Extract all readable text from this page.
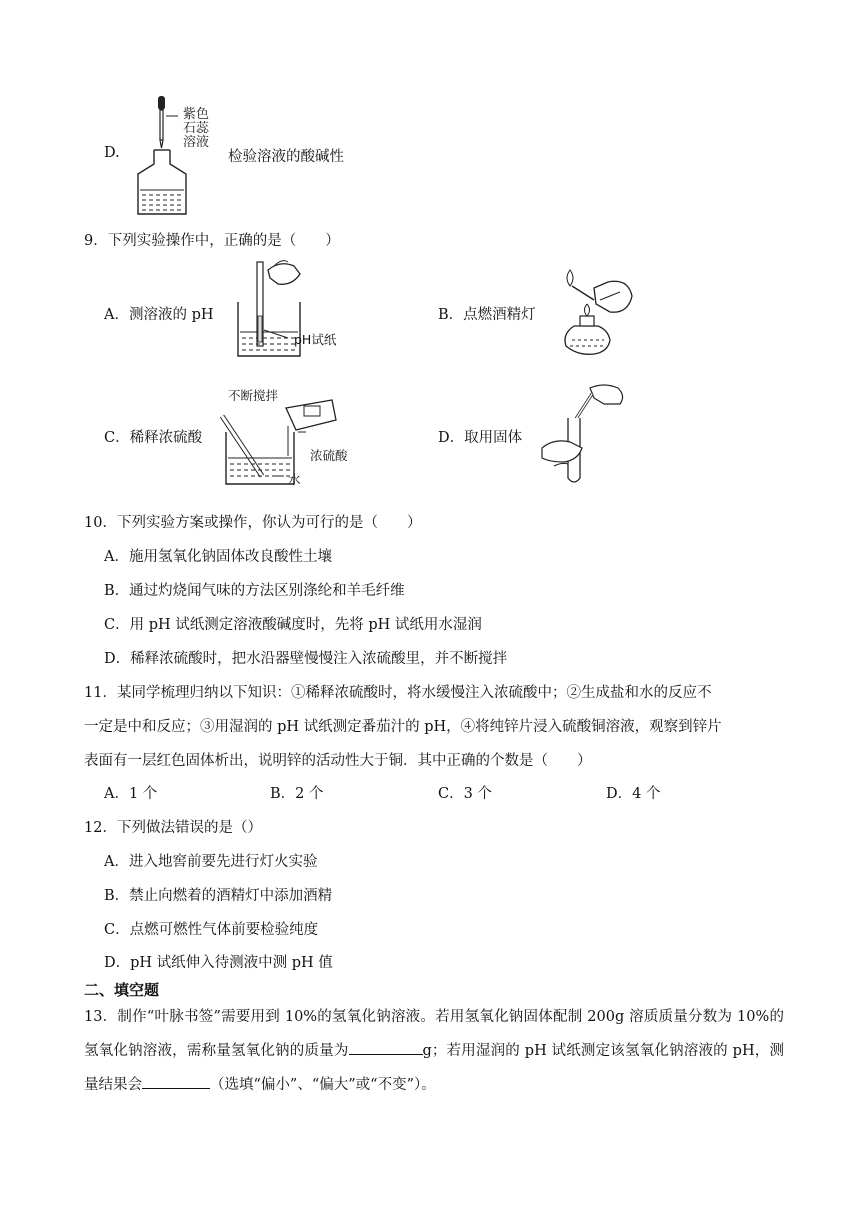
D.
紫色石蕊溶液
检验溶液的酸碱性
9．下列实验操作中，正确的是（　　）
A．测溶液的 pH
pH试纸
B．点燃酒精灯
C．稀释浓硫酸
不断搅拌
浓硫酸
水
D．取用固体
10．下列实验方案或操作，你认为可行的是（　　）
A．施用氢氧化钠固体改良酸性土壤
B．通过灼烧闻气味的方法区别涤纶和羊毛纤维
C．用 pH 试纸测定溶液酸碱度时，先将 pH 试纸用水湿润
D．稀释浓硫酸时，把水沿器壁慢慢注入浓硫酸里，并不断搅拌
11．某同学梳理归纳以下知识：①稀释浓硫酸时，将水缓慢注入浓硫酸中；②生成盐和水的反应不
一定是中和反应；③用湿润的 pH 试纸测定番茄汁的 pH，④将纯锌片浸入硫酸铜溶液，观察到锌片
表面有一层红色固体析出，说明锌的活动性大于铜．其中正确的个数是（　　）
A．1 个	B．2 个	C．3 个	D．4 个
12．下列做法错误的是（）
A．进入地窖前要先进行灯火实验
B．禁止向燃着的酒精灯中添加酒精
C．点燃可燃性气体前要检验纯度
D．pH 试纸伸入待测液中测 pH 值
二、填空题
13．制作“叶脉书签”需要用到 10%的氢氧化钠溶液。若用氢氧化钠固体配制 200g 溶质质量分数为 10%的氢氧化钠溶液，需称量氢氧化钠的质量为	g；若用湿润的 pH 试纸测定该氢氧化钠溶液的 pH，测量结果会	（选填“偏小”、“偏大”或“不变”）。
